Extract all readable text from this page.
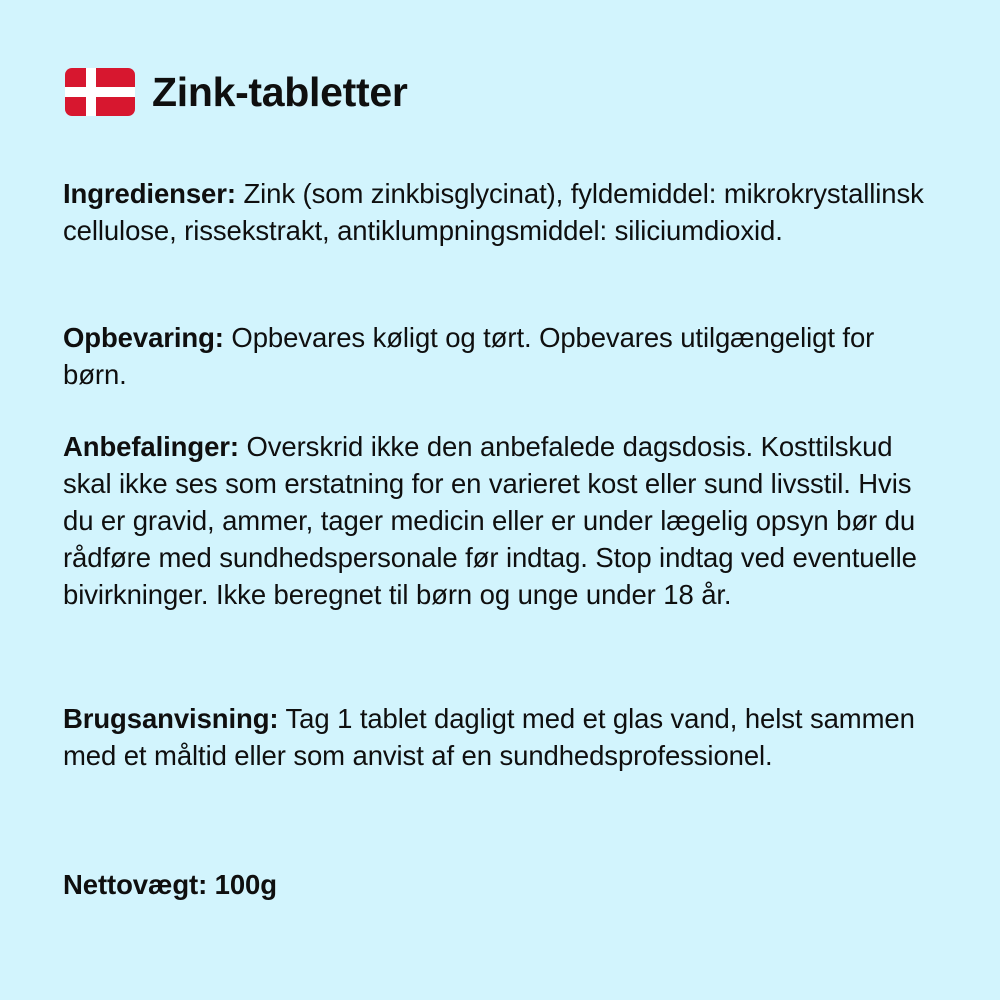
Zink-tabletter
Ingredienser: Zink (som zinkbisglycinat), fyldemiddel: mikrokrystallinsk cellulose, rissekstrakt, antiklumpningsmiddel: siliciumdioxid.
Opbevaring: Opbevares køligt og tørt. Opbevares utilgængeligt for børn.
Anbefalinger: Overskrid ikke den anbefalede dagsdosis. Kosttilskud skal ikke ses som erstatning for en varieret kost eller sund livsstil. Hvis du er gravid, ammer, tager medicin eller er under lægelig opsyn bør du rådføre med sundhedspersonale før indtag. Stop indtag ved eventuelle bivirkninger. Ikke beregnet til børn og unge under 18 år.
Brugsanvisning: Tag 1 tablet dagligt med et glas vand, helst sammen med et måltid eller som anvist af en sundhedsprofessionel.
Nettovægt: 100g
